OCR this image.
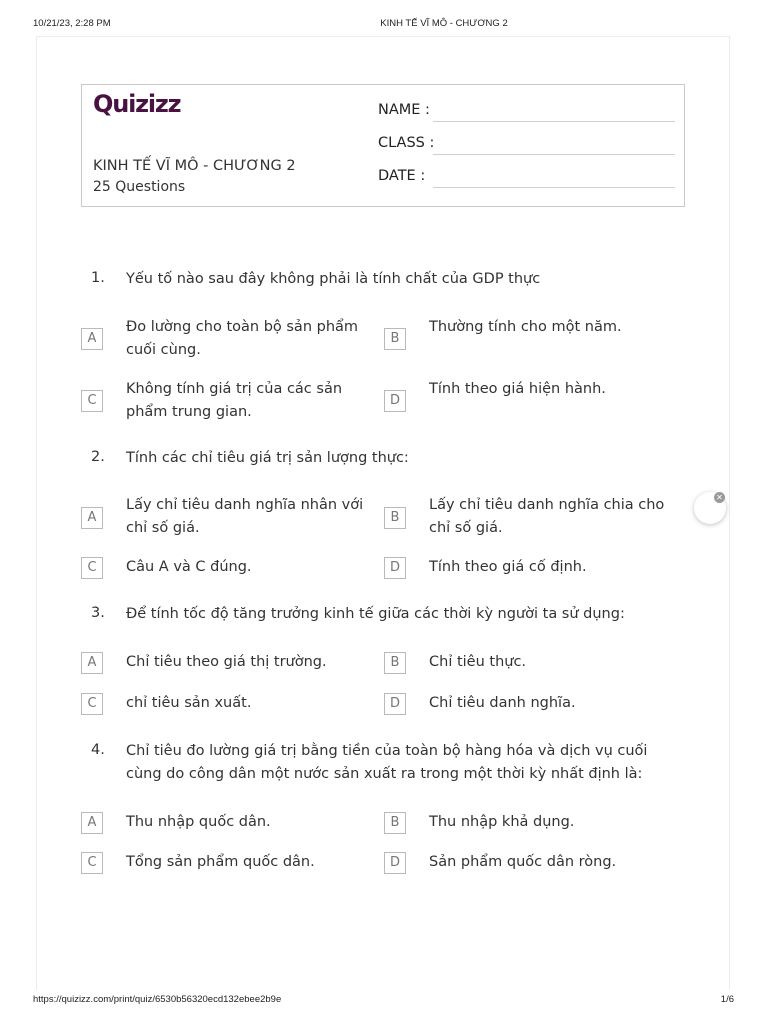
10/21/23, 2:28 PM	KINH TẾ VĨ MÔ - CHƯƠNG 2
Quizizz
KINH TẾ VĨ MÔ - CHƯƠNG 2
25 Questions
NAME :
CLASS :
DATE :
1. Yếu tố nào sau đây không phải là tính chất của GDP thực
A
Đo lường cho toàn bộ sản phẩm cuối cùng.
B
Thường tính cho một năm.
C
Không tính giá trị của các sản phẩm trung gian.
D
Tính theo giá hiện hành.
2. Tính các chỉ tiêu giá trị sản lượng thực:
A
Lấy chỉ tiêu danh nghĩa nhân với chỉ số giá.
B
Lấy chỉ tiêu danh nghĩa chia cho chỉ số giá.
C	Câu A và C đúng.	D	Tính theo giá cố định.
3. Để tính tốc độ tăng trưởng kinh tế giữa các thời kỳ người ta sử dụng:
A	Chỉ tiêu theo giá thị trường.	B	Chỉ tiêu thực.
C	chỉ tiêu sản xuất.	D	Chỉ tiêu danh nghĩa.
4. Chỉ tiêu đo lường giá trị bằng tiền của toàn bộ hàng hóa và dịch vụ cuối cùng do công dân một nước sản xuất ra trong một thời kỳ nhất định là:
A	Thu nhập quốc dân.	B	Thu nhập khả dụng.
C	Tổng sản phẩm quốc dân.	D	Sản phẩm quốc dân ròng.
✕
https://quizizz.com/print/quiz/6530b56320ecd132ebee2b9e	1/6
